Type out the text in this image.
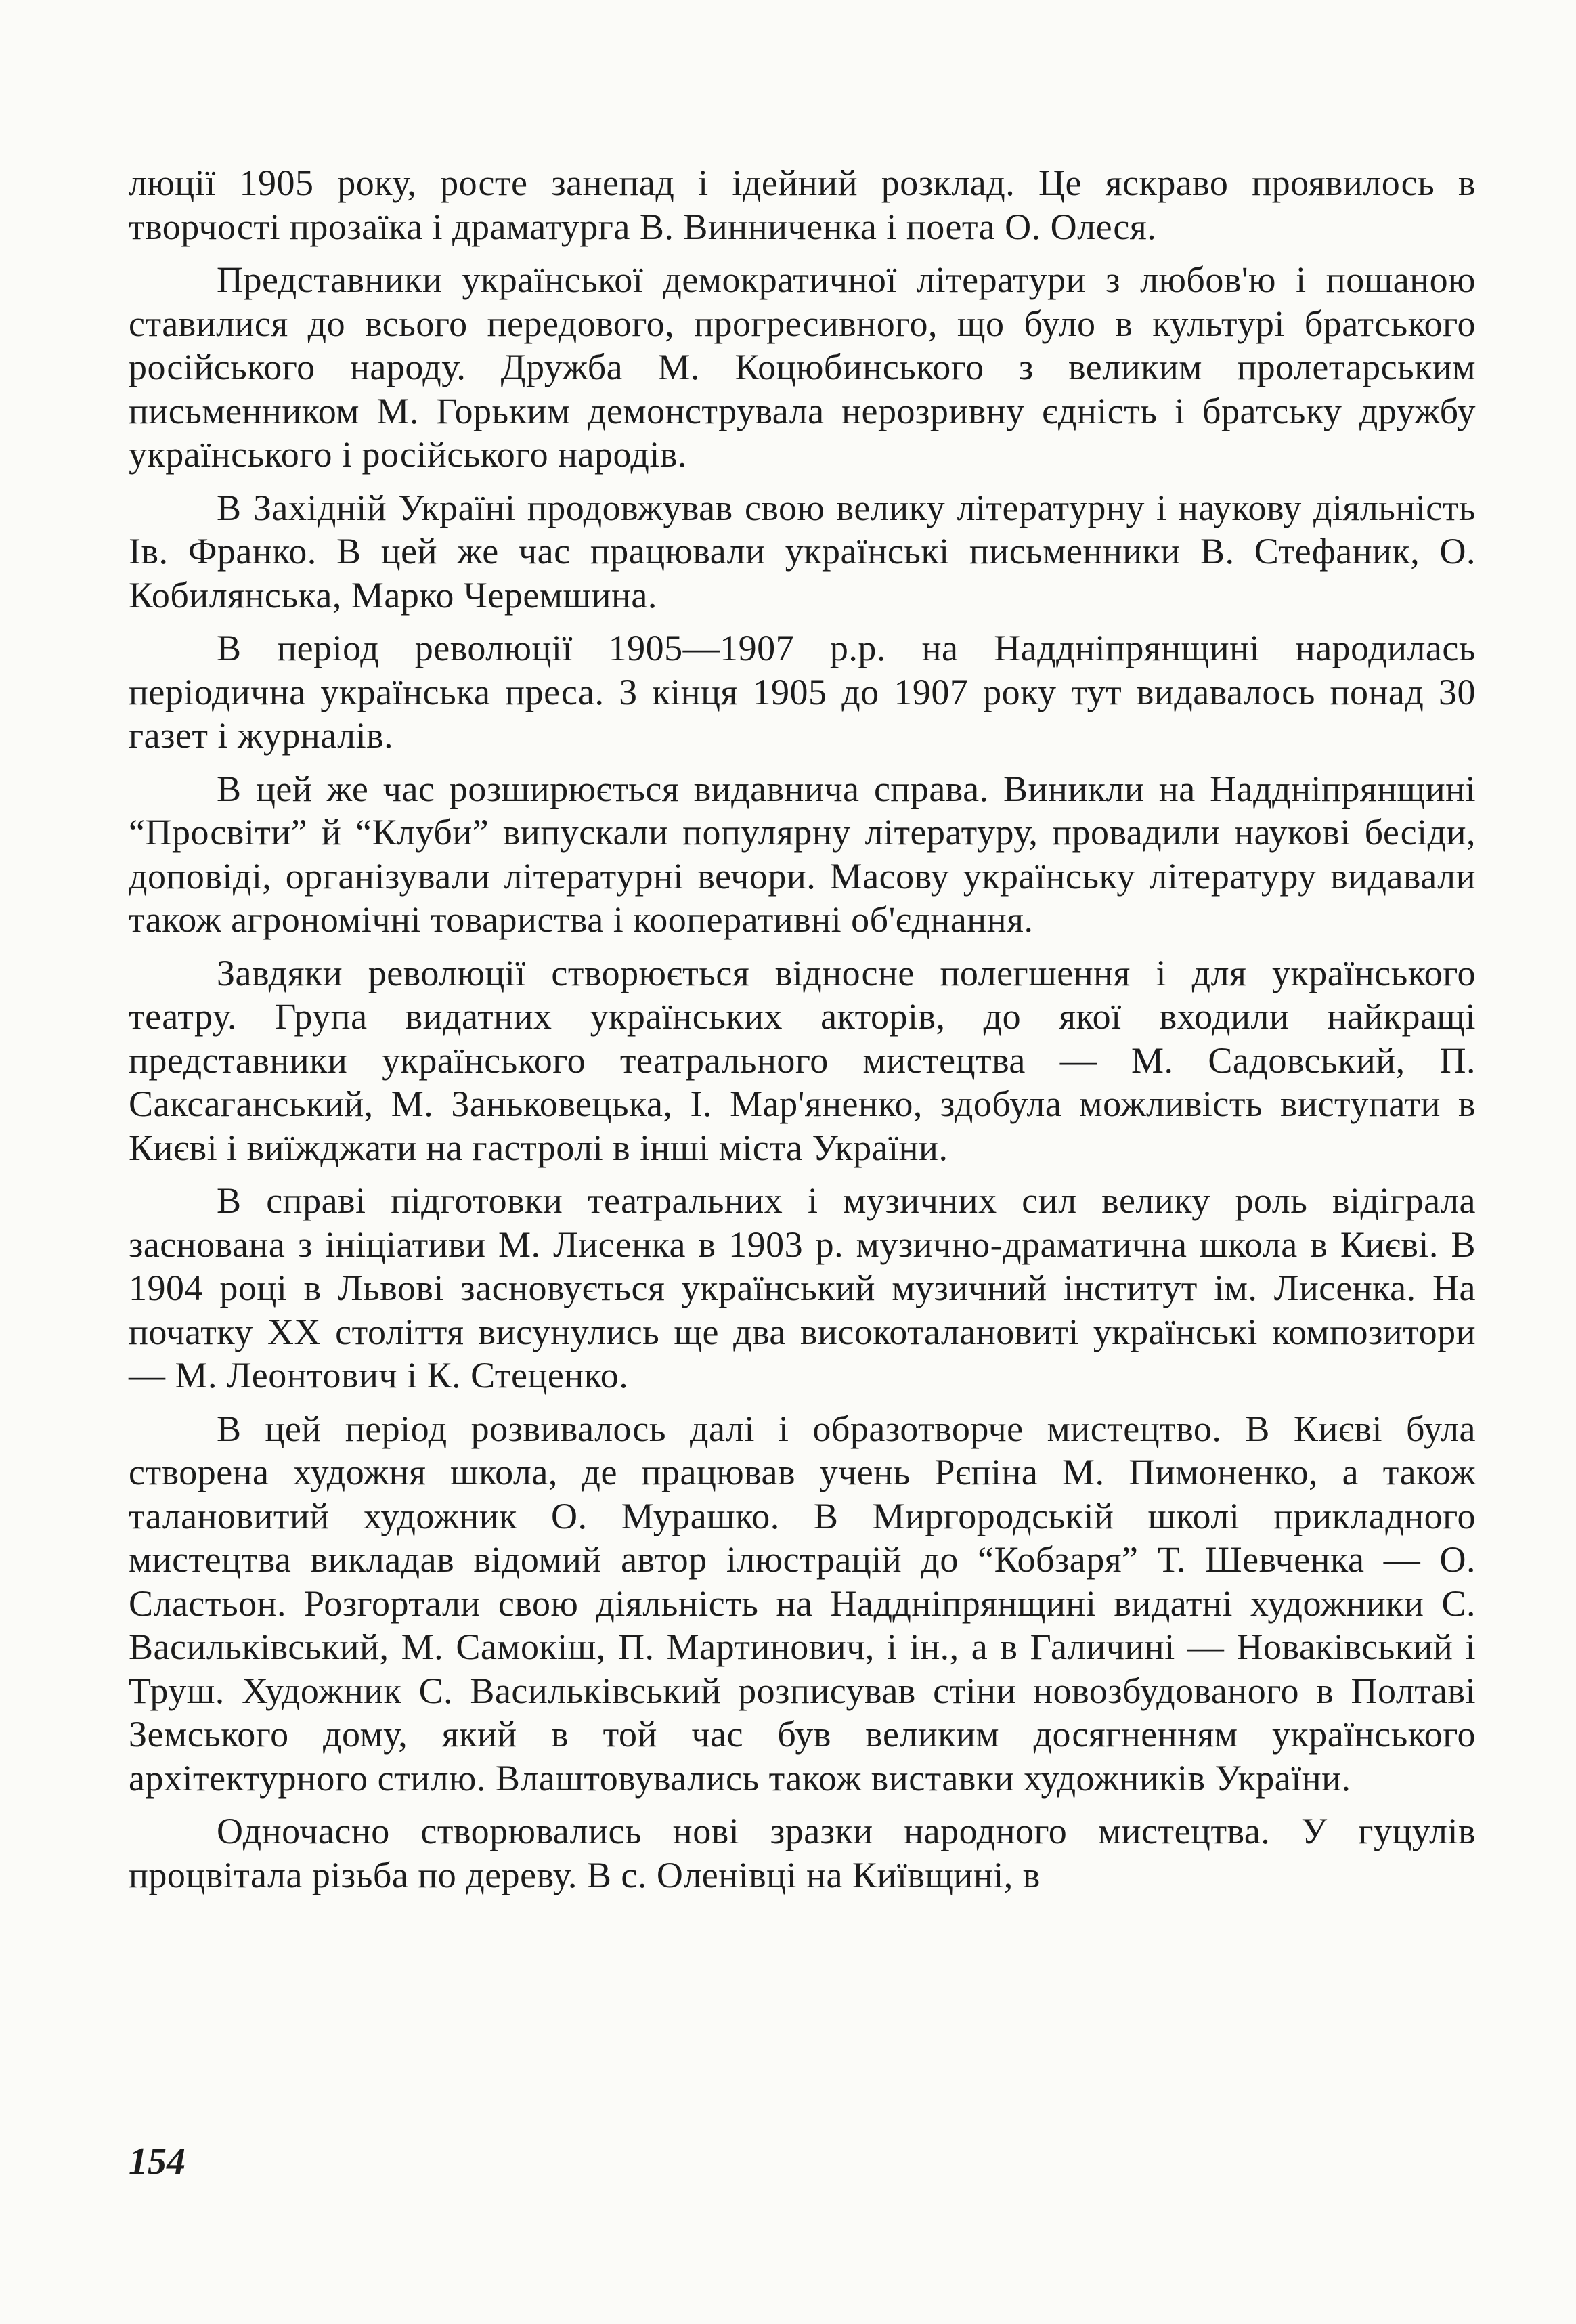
люції 1905 року, росте занепад і ідейний розклад. Це яскраво проявилось в творчості прозаїка і драматурга В. Винниченка і поета О. Олеся.

Представники української демократичної літератури з любов'ю і пошаною ставилися до всього передового, прогресивного, що було в культурі братського російського народу. Дружба М. Коцюбинського з великим пролетарським письменником М. Горьким демонструвала нерозривну єдність і братську дружбу українського і російського народів.

В Західній Україні продовжував свою велику літературну і наукову діяльність Ів. Франко. В цей же час працювали українські письменники В. Стефаник, О. Кобилянська, Марко Черемшина.

В період революції 1905—1907 р.р. на Наддніпрянщині народилась періодична українська преса. З кінця 1905 до 1907 року тут видавалось понад 30 газет і журналів.

В цей же час розширюється видавнича справа. Виникли на Наддніпрянщині “Просвіти” й “Клуби” випускали популярну літературу, провадили наукові бесіди, доповіді, організували літературні вечори. Масову українську літературу видавали також агрономічні товариства і кооперативні об'єднання.

Завдяки революції створюється відносне полегшення і для українського театру. Група видатних українських акторів, до якої входили найкращі представники українського театрального мистецтва — М. Садовський, П. Саксаганський, М. Заньковецька, І. Мар'яненко, здобула можливість виступати в Києві і виїжджати на гастролі в інші міста України.

В справі підготовки театральних і музичних сил велику роль відіграла заснована з ініціативи М. Лисенка в 1903 р. музично-драматична школа в Києві. В 1904 році в Львові засновується український музичний інститут ім. Лисенка. На початку XX століття висунулись ще два високоталановиті українські композитори — М. Леонтович і К. Стеценко.

В цей період розвивалось далі і образотворче мистецтво. В Києві була створена художня школа, де працював учень Рєпіна М. Пимоненко, а також талановитий художник О. Мурашко. В Миргородській школі прикладного мистецтва викладав відомий автор ілюстрацій до “Кобзаря” Т. Шевченка — О. Сластьон. Розгортали свою діяльність на Наддніпрянщині видатні художники С. Васильківський, М. Самокіш, П. Мартинович, і ін., а в Галичині — Новаківський і Труш. Художник С. Васильківський розписував стіни новозбудованого в Полтаві Земського дому, який в той час був великим досягненням українського архітектурного стилю. Влаштовувались також виставки художників України.

Одночасно створювались нові зразки народного мистецтва. У гуцулів процвітала різьба по дереву. В с. Оленівці на Київщині, в

154
